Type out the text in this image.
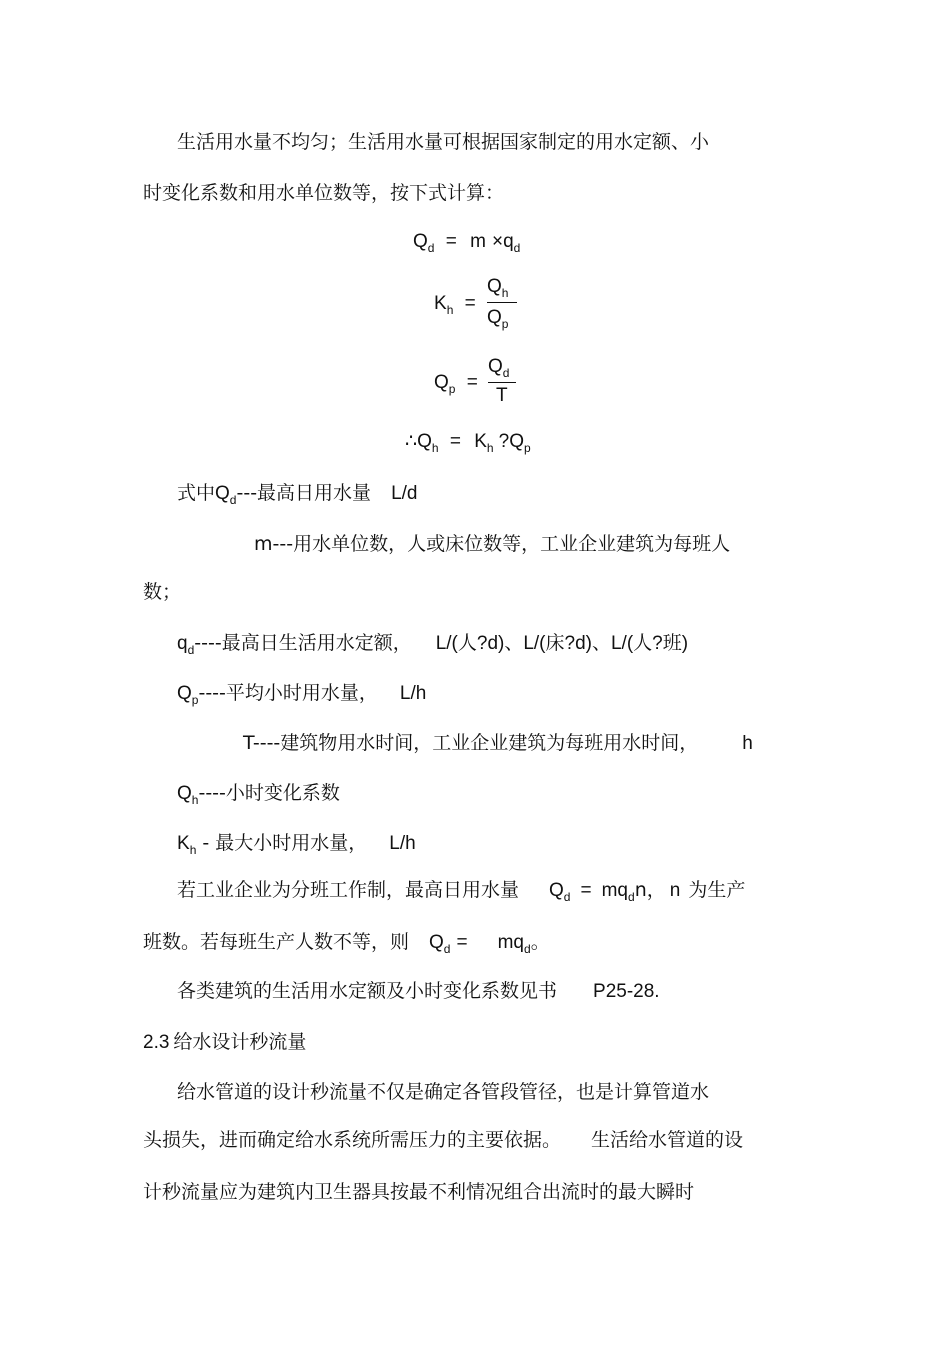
生活用水量不均匀；生活用水量可根据国家制定的用水定额、小
时变化系数和用水单位数等，按下式计算：
$Q_d = m \times q_d$
$K_h$ =
$Q_h$
$Q_p$
$Q_p$ =
$Q_d$
T
$\therefore Q_h = K_h$ $?Q_p$
式中$Q_d---$最高日用水量 L/d
m---用水单位数，人或床位数等，工业企业建筑为每班人
数；
$q_d----$最高日生活用水定额， L/(人?d)、L/(床?d)、L/(人?班)
$Q_p----$平均小时用水量， L/h
T----建筑物用水时间，工业企业建筑为每班用水时间， h
$Q_h----$小时变化系数
$K_h$ - 最大小时用水量， L/h
若工业企业为分班工作制，最高日用水量 $Q_d = mq_dn$， n 为生产
班数。若每班生产人数不等，则 $Q_d = mq_d$。
各类建筑的生活用水定额及小时变化系数见书 P25-28.
2.3 给水设计秒流量
给水管道的设计秒流量不仅是确定各管段管径，也是计算管道水
头损失，进而确定给水系统所需压力的主要依据。 生活给水管道的设
计秒流量应为建筑内卫生器具按最不利情况组合出流时的最大瞬时
